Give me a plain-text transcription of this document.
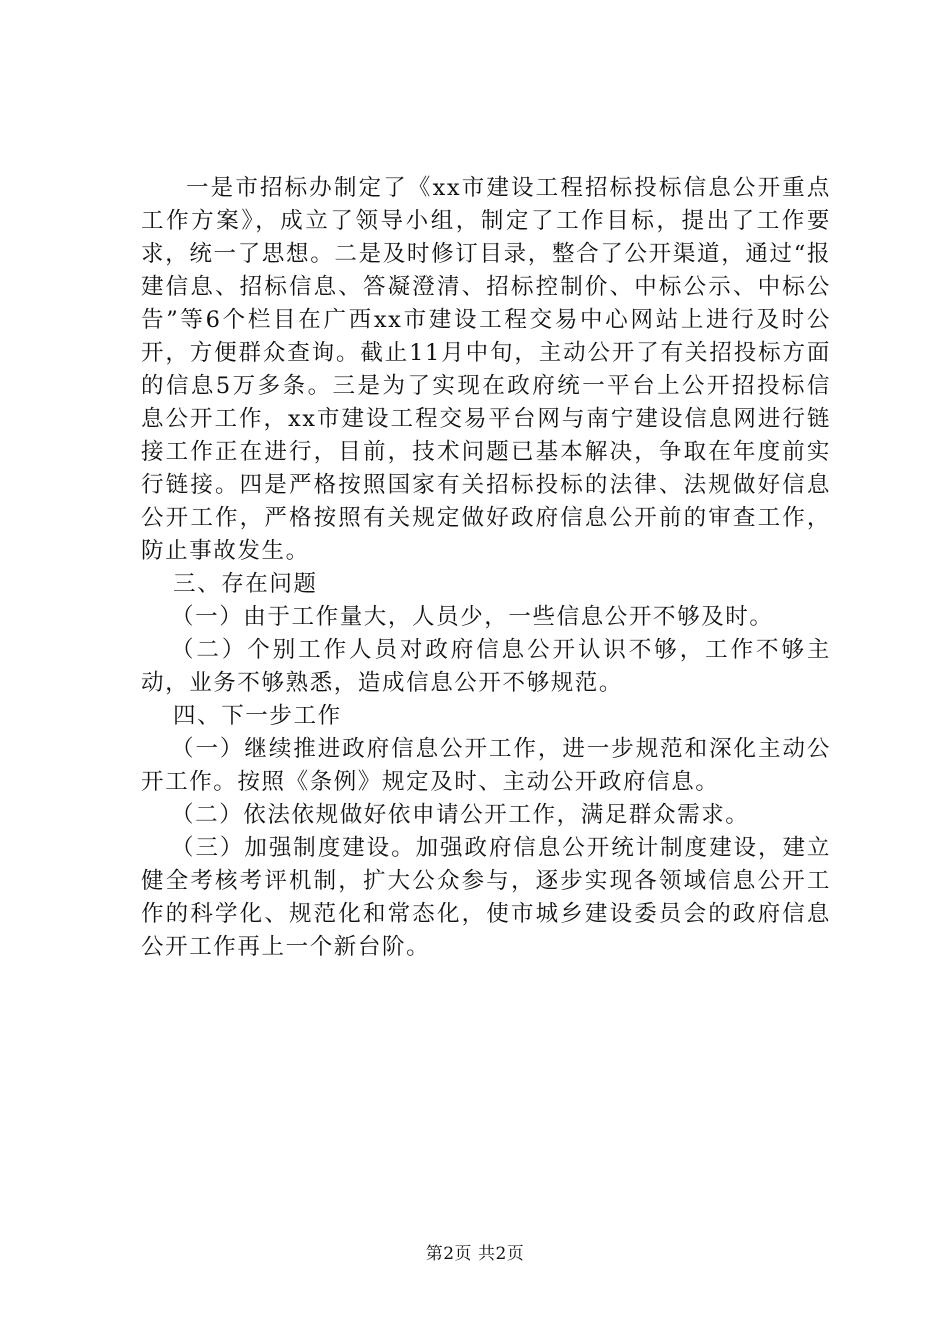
一是市招标办制定了《xx市建设工程招标投标信息公开重点工作方案》，成立了领导小组，制定了工作目标，提出了工作要求，统一了思想。二是及时修订目录，整合了公开渠道，通过“报建信息、招标信息、答凝澄清、招标控制价、中标公示、中标公告”等6个栏目在广西xx市建设工程交易中心网站上进行及时公开，方便群众查询。截止11月中旬，主动公开了有关招投标方面的信息5万多条。三是为了实现在政府统一平台上公开招投标信息公开工作，xx市建设工程交易平台网与南宁建设信息网进行链接工作正在进行，目前，技术问题已基本解决，争取在年度前实行链接。四是严格按照国家有关招标投标的法律、法规做好信息公开工作，严格按照有关规定做好政府信息公开前的审查工作，防止事故发生。

三、存在问题

（一）由于工作量大，人员少，一些信息公开不够及时。

（二）个别工作人员对政府信息公开认识不够，工作不够主动，业务不够熟悉，造成信息公开不够规范。

四、下一步工作

（一）继续推进政府信息公开工作，进一步规范和深化主动公开工作。按照《条例》规定及时、主动公开政府信息。

（二）依法依规做好依申请公开工作，满足群众需求。

（三）加强制度建设。加强政府信息公开统计制度建设，建立健全考核考评机制，扩大公众参与，逐步实现各领域信息公开工作的科学化、规范化和常态化，使市城乡建设委员会的政府信息公开工作再上一个新台阶。

第2页 共2页
